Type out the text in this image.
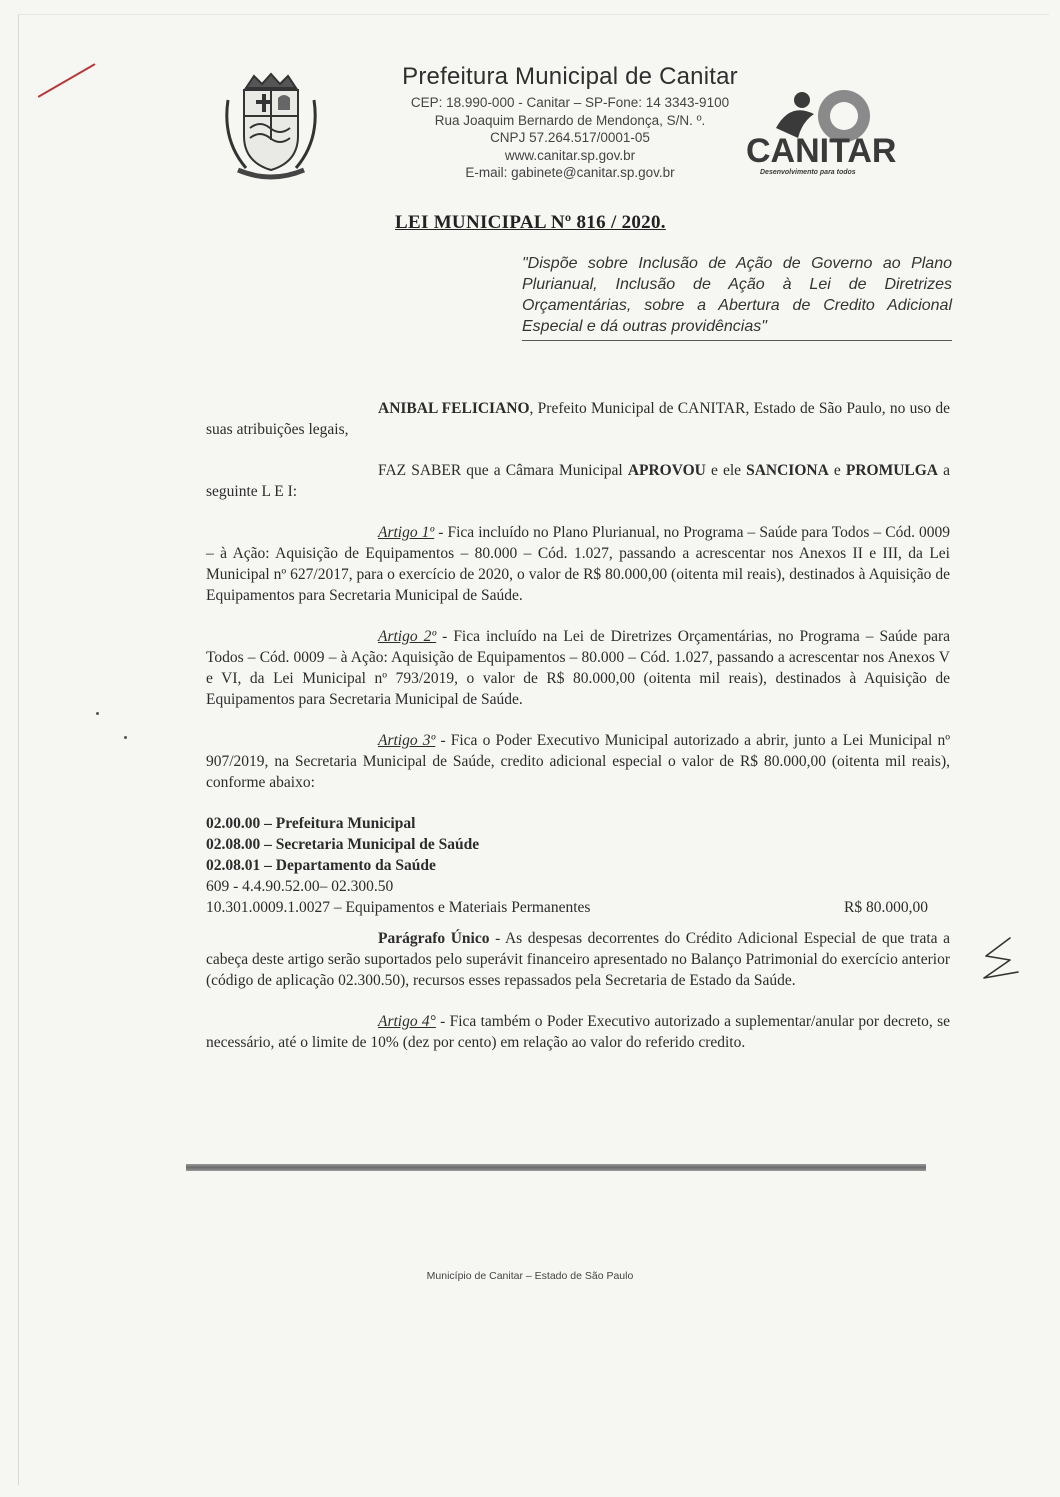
Prefeitura Municipal de Canitar
CEP: 18.990-000 - Canitar – SP-Fone: 14 3343-9100
Rua Joaquim Bernardo de Mendonça, S/N. º.
CNPJ 57.264.517/0001-05
www.canitar.sp.gov.br
E-mail: gabinete@canitar.sp.gov.br
CANITAR
Desenvolvimento para todos
LEI MUNICIPAL Nº 816 / 2020.
"Dispõe sobre Inclusão de Ação de Governo ao Plano Plurianual, Inclusão de Ação à Lei de Diretrizes Orçamentárias, sobre a Abertura de Credito Adicional Especial e dá outras providências"

ANIBAL FELICIANO, Prefeito Municipal de CANITAR, Estado de São Paulo, no uso de suas atribuições legais,

FAZ SABER que a Câmara Municipal APROVOU e ele SANCIONA e PROMULGA a seguinte L E I:

Artigo 1º - Fica incluído no Plano Plurianual, no Programa – Saúde para Todos – Cód. 0009 – à Ação: Aquisição de Equipamentos – 80.000 – Cód. 1.027, passando a acrescentar nos Anexos II e III, da Lei Municipal nº 627/2017, para o exercício de 2020, o valor de R$ 80.000,00 (oitenta mil reais), destinados à Aquisição de Equipamentos para Secretaria Municipal de Saúde.

Artigo 2º - Fica incluído na Lei de Diretrizes Orçamentárias, no Programa – Saúde para Todos – Cód. 0009 – à Ação: Aquisição de Equipamentos – 80.000 – Cód. 1.027, passando a acrescentar nos Anexos V e VI, da Lei Municipal nº 793/2019, o valor de R$ 80.000,00 (oitenta mil reais), destinados à Aquisição de Equipamentos para Secretaria Municipal de Saúde.

Artigo 3º - Fica o Poder Executivo Municipal autorizado a abrir, junto a Lei Municipal nº 907/2019, na Secretaria Municipal de Saúde, credito adicional especial o valor de R$ 80.000,00 (oitenta mil reais), conforme abaixo:

02.00.00 – Prefeitura Municipal

02.08.00 – Secretaria Municipal de Saúde

02.08.01 – Departamento da Saúde

609 - 4.4.90.52.00– 02.300.50

10.301.0009.1.0027 – Equipamentos e Materiais Permanentes	R$ 80.000,00

Parágrafo Único - As despesas decorrentes do Crédito Adicional Especial de que trata a cabeça deste artigo serão suportados pelo superávit financeiro apresentado no Balanço Patrimonial do exercício anterior (código de aplicação 02.300.50), recursos esses repassados pela Secretaria de Estado da Saúde.

Artigo 4° - Fica também o Poder Executivo autorizado a suplementar/anular por decreto, se necessário, até o limite de 10% (dez por cento) em relação ao valor do referido credito.

Município de Canitar – Estado de São Paulo
